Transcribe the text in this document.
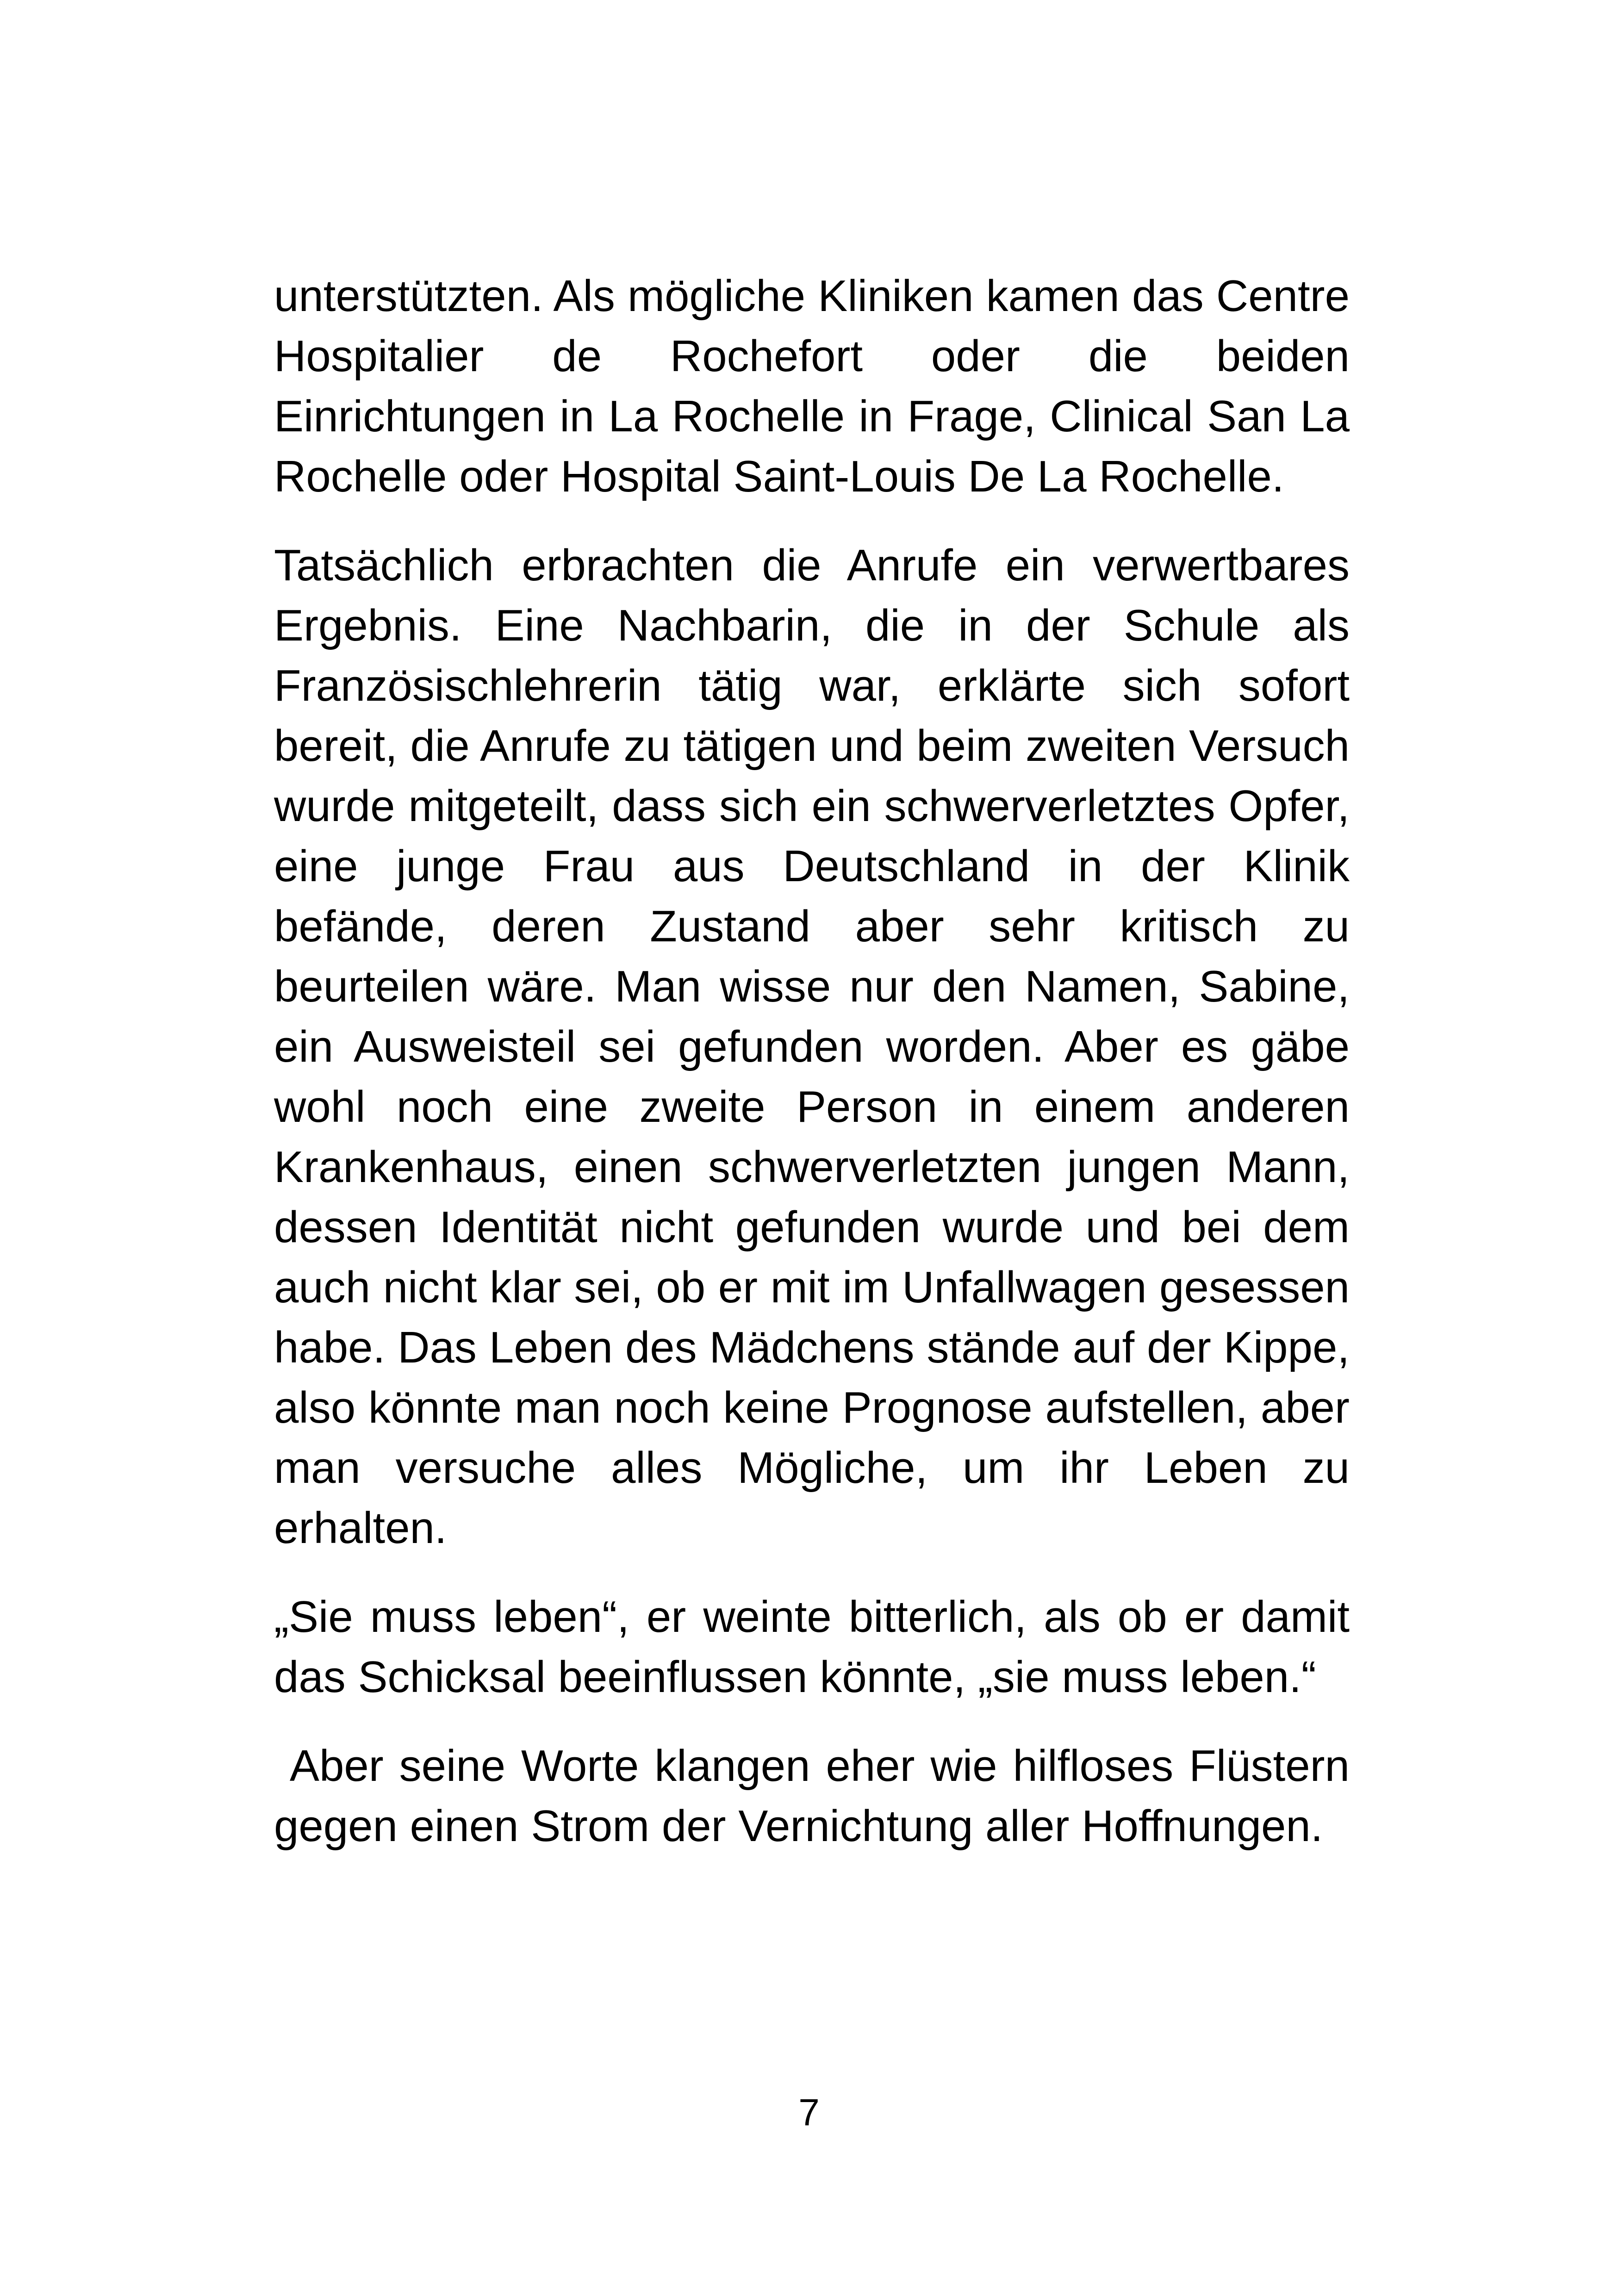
unterstützten. Als mögliche Kliniken kamen das Centre Hospitalier de Rochefort oder die beiden Einrichtungen in La Rochelle in Frage, Clinical San La Rochelle oder Hospital Saint-Louis De La Rochelle.

Tatsächlich erbrachten die Anrufe ein verwertbares Ergebnis. Eine Nachbarin, die in der Schule als Französischlehrerin tätig war, erklärte sich sofort bereit, die Anrufe zu tätigen und beim zweiten Versuch wurde mitgeteilt, dass sich ein schwerverletztes Opfer, eine junge Frau aus Deutschland in der Klinik befände, deren Zustand aber sehr kritisch zu beurteilen wäre. Man wisse nur den Namen, Sabine, ein Ausweisteil sei gefunden worden. Aber es gäbe wohl noch eine zweite Person in einem anderen Krankenhaus, einen schwerverletzten jungen Mann, dessen Identität nicht gefunden wurde und bei dem auch nicht klar sei, ob er mit im Unfallwagen gesessen habe. Das Leben des Mädchens stände auf der Kippe, also könnte man noch keine Prognose aufstellen, aber man versuche alles Mögliche, um ihr Leben zu erhalten.

„Sie muss leben“, er weinte bitterlich, als ob er damit das Schicksal beeinflussen könnte, „sie muss leben.“

Aber seine Worte klangen eher wie hilfloses Flüstern gegen einen Strom der Vernichtung aller Hoffnungen.

7
